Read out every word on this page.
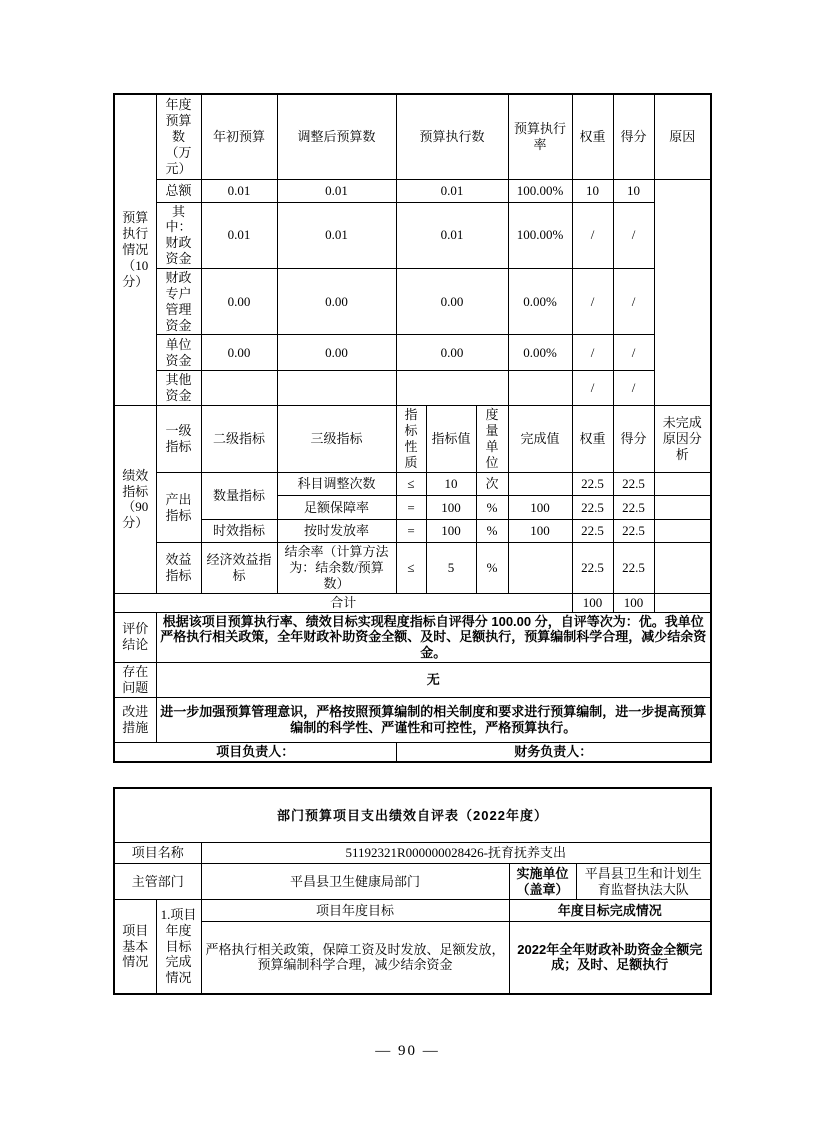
预算执行情况（10分）	年度预算数（万元）	年初预算	调整后预算数	预算执行数			预算执行率	权重	得分	原因
	总额	0.01	0.01	0.01			100.00%	10	10	
	其中：财政资金	0.01	0.01	0.01			100.00%	/	/	
	财政专户管理资金	0.00	0.00	0.00			0.00%	/	/	
	单位资金	0.00	0.00	0.00			0.00%	/	/	
	其他资金							/	/	
绩效指标（90分）	一级指标	二级指标	三级指标	指标性质	指标值	度量单位	完成值	权重	得分	未完成原因分析
	产出指标	数量指标	科目调整次数	≤	10	次		22.5	22.5	
			足额保障率	=	100	%	100	22.5	22.5	
		时效指标	按时发放率	=	100	%	100	22.5	22.5	
	效益指标	经济效益指标	结余率（计算方法为：结余数/预算数）	≤	5	%		22.5	22.5	
合计								100	100	
评价结论	根据该项目预算执行率、绩效目标实现程度指标自评得分 100.00 分，自评等次为：优。我单位严格执行相关政策，全年财政补助资金全额、及时、足额执行，预算编制科学合理，减少结余资金。									
存在问题	无									
改进措施	进一步加强预算管理意识，严格按照预算编制的相关制度和要求进行预算编制，进一步提高预算编制的科学性、严谨性和可控性，严格预算执行。									
项目负责人：				财务负责人：						
部门预算项目支出绩效自评表（2022年度）				
项目名称		51192321R000000028426-抚育抚养支出		
主管部门		平昌县卫生健康局部门	实施单位（盖章）	平昌县卫生和计划生育监督执法大队
项目基本情况	1.项目年度目标完成情况	项目年度目标	年度目标完成情况	
		严格执行相关政策，保障工资及时发放、足额发放，预算编制科学合理，减少结余资金	2022年全年财政补助资金全额完成；及时、足额执行	
— 90 —
